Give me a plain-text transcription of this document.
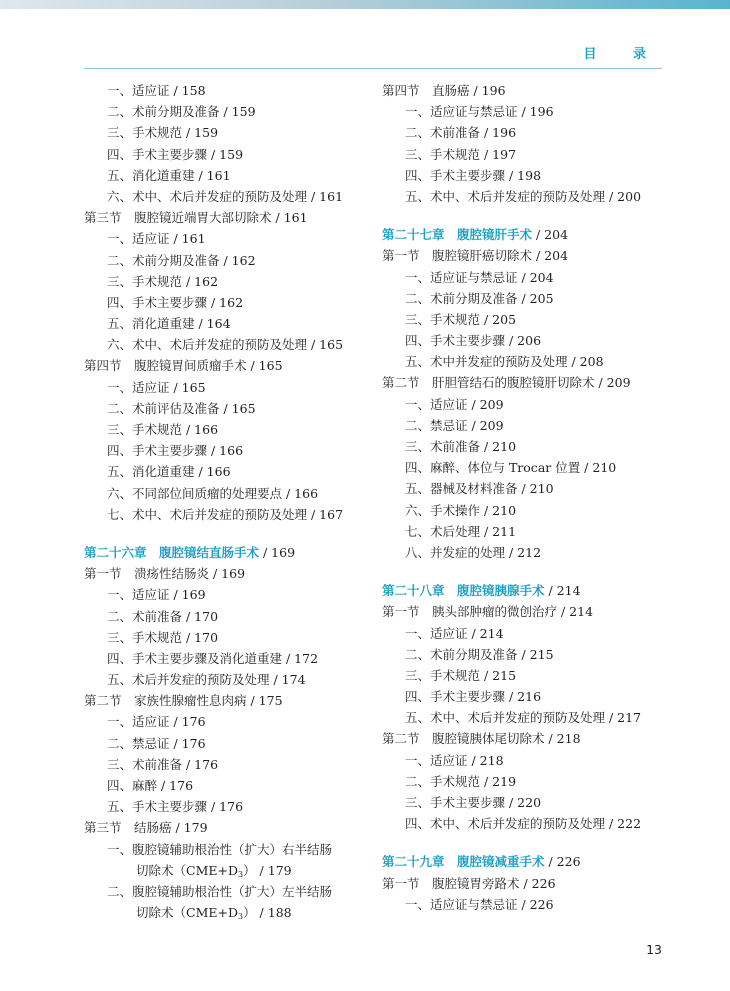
目 录
一、适应证 / 158
二、术前分期及准备 / 159
三、手术规范 / 159
四、手术主要步骤 / 159
五、消化道重建 / 161
六、术中、术后并发症的预防及处理 / 161
第三节　腹腔镜近端胃大部切除术 / 161
一、适应证 / 161
二、术前分期及准备 / 162
三、手术规范 / 162
四、手术主要步骤 / 162
五、消化道重建 / 164
六、术中、术后并发症的预防及处理 / 165
第四节　腹腔镜胃间质瘤手术 / 165
一、适应证 / 165
二、术前评估及准备 / 165
三、手术规范 / 166
四、手术主要步骤 / 166
五、消化道重建 / 166
六、不同部位间质瘤的处理要点 / 166
七、术中、术后并发症的预防及处理 / 167
第二十六章　腹腔镜结直肠手术 / 169
第一节　溃疡性结肠炎 / 169
一、适应证 / 169
二、术前准备 / 170
三、手术规范 / 170
四、手术主要步骤及消化道重建 / 172
五、术后并发症的预防及处理 / 174
第二节　家族性腺瘤性息肉病 / 175
一、适应证 / 176
二、禁忌证 / 176
三、术前准备 / 176
四、麻醉 / 176
五、手术主要步骤 / 176
第三节　结肠癌 / 179
一、腹腔镜辅助根治性（扩大）右半结肠
切除术$(CME+D_3) / 179$
二、腹腔镜辅助根治性（扩大）左半结肠
切除术$(CME+D_3) / 188$
第四节　直肠癌 / 196
一、适应证与禁忌证 / 196
二、术前准备 / 196
三、手术规范 / 197
四、手术主要步骤 / 198
五、术中、术后并发症的预防及处理 / 200
第二十七章　腹腔镜肝手术 / 204
第一节　腹腔镜肝癌切除术 / 204
一、适应证与禁忌证 / 204
二、术前分期及准备 / 205
三、手术规范 / 205
四、手术主要步骤 / 206
五、术中并发症的预防及处理 / 208
第二节　肝胆管结石的腹腔镜肝切除术 / 209
一、适应证 / 209
二、禁忌证 / 209
三、术前准备 / 210
四、麻醉、体位与 Trocar 位置 / 210
五、器械及材料准备 / 210
六、手术操作 / 210
七、术后处理 / 211
八、并发症的处理 / 212
第二十八章　腹腔镜胰腺手术 / 214
第一节　胰头部肿瘤的微创治疗 / 214
一、适应证 / 214
二、术前分期及准备 / 215
三、手术规范 / 215
四、手术主要步骤 / 216
五、术中、术后并发症的预防及处理 / 217
第二节　腹腔镜胰体尾切除术 / 218
一、适应证 / 218
二、手术规范 / 219
三、手术主要步骤 / 220
四、术中、术后并发症的预防及处理 / 222
第二十九章　腹腔镜减重手术 / 226
第一节　腹腔镜胃旁路术 / 226
一、适应证与禁忌证 / 226
13
